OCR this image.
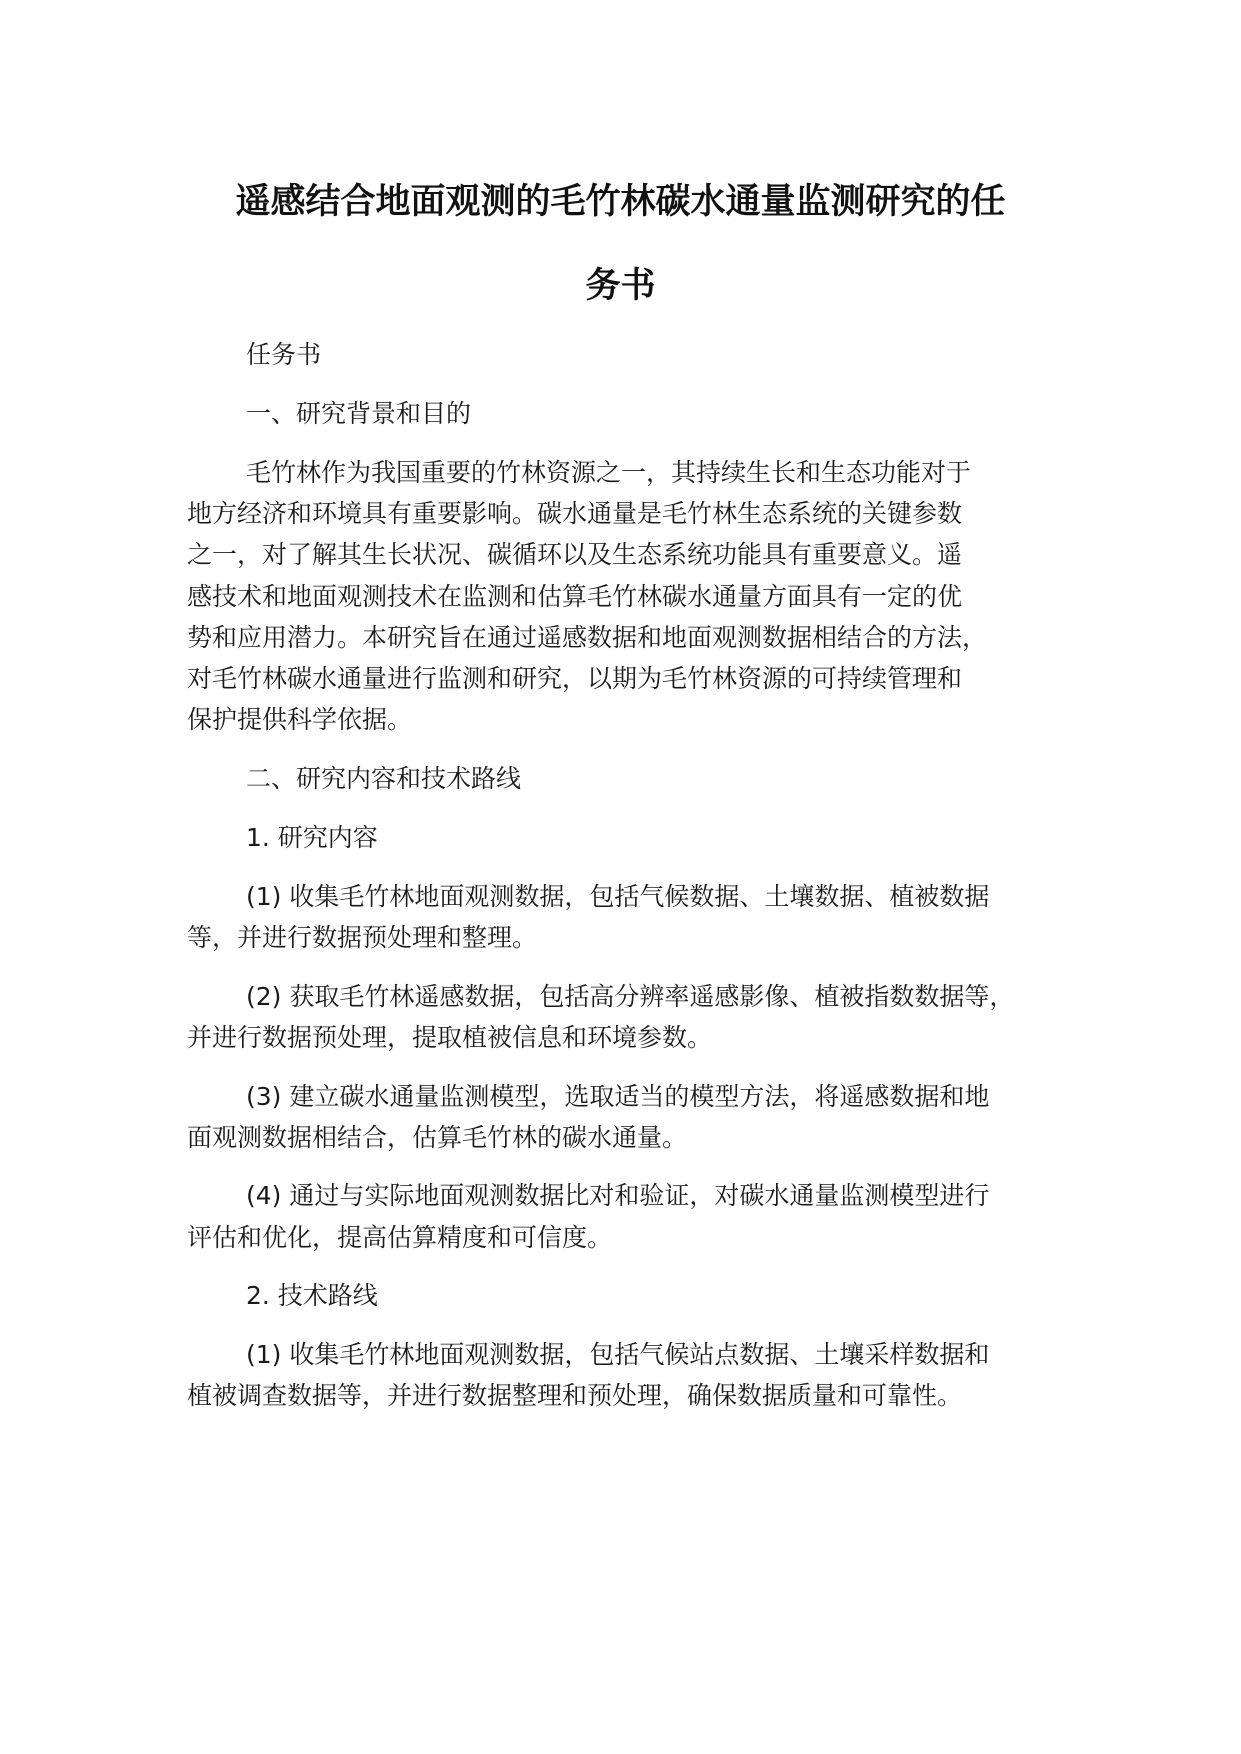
遥感结合地面观测的毛竹林碳水通量监测研究的任
务书
任务书
一、研究背景和目的
毛竹林作为我国重要的竹林资源之一，其持续生长和生态功能对于
地方经济和环境具有重要影响。碳水通量是毛竹林生态系统的关键参数
之一，对了解其生长状况、碳循环以及生态系统功能具有重要意义。遥
感技术和地面观测技术在监测和估算毛竹林碳水通量方面具有一定的优
势和应用潜力。本研究旨在通过遥感数据和地面观测数据相结合的方法，
对毛竹林碳水通量进行监测和研究，以期为毛竹林资源的可持续管理和
保护提供科学依据。
二、研究内容和技术路线
1. 研究内容
(1) 收集毛竹林地面观测数据，包括气候数据、土壤数据、植被数据
等，并进行数据预处理和整理。
(2) 获取毛竹林遥感数据，包括高分辨率遥感影像、植被指数数据等，
并进行数据预处理，提取植被信息和环境参数。
(3) 建立碳水通量监测模型，选取适当的模型方法，将遥感数据和地
面观测数据相结合，估算毛竹林的碳水通量。
(4) 通过与实际地面观测数据比对和验证，对碳水通量监测模型进行
评估和优化，提高估算精度和可信度。
2. 技术路线
(1) 收集毛竹林地面观测数据，包括气候站点数据、土壤采样数据和
植被调查数据等，并进行数据整理和预处理，确保数据质量和可靠性。
